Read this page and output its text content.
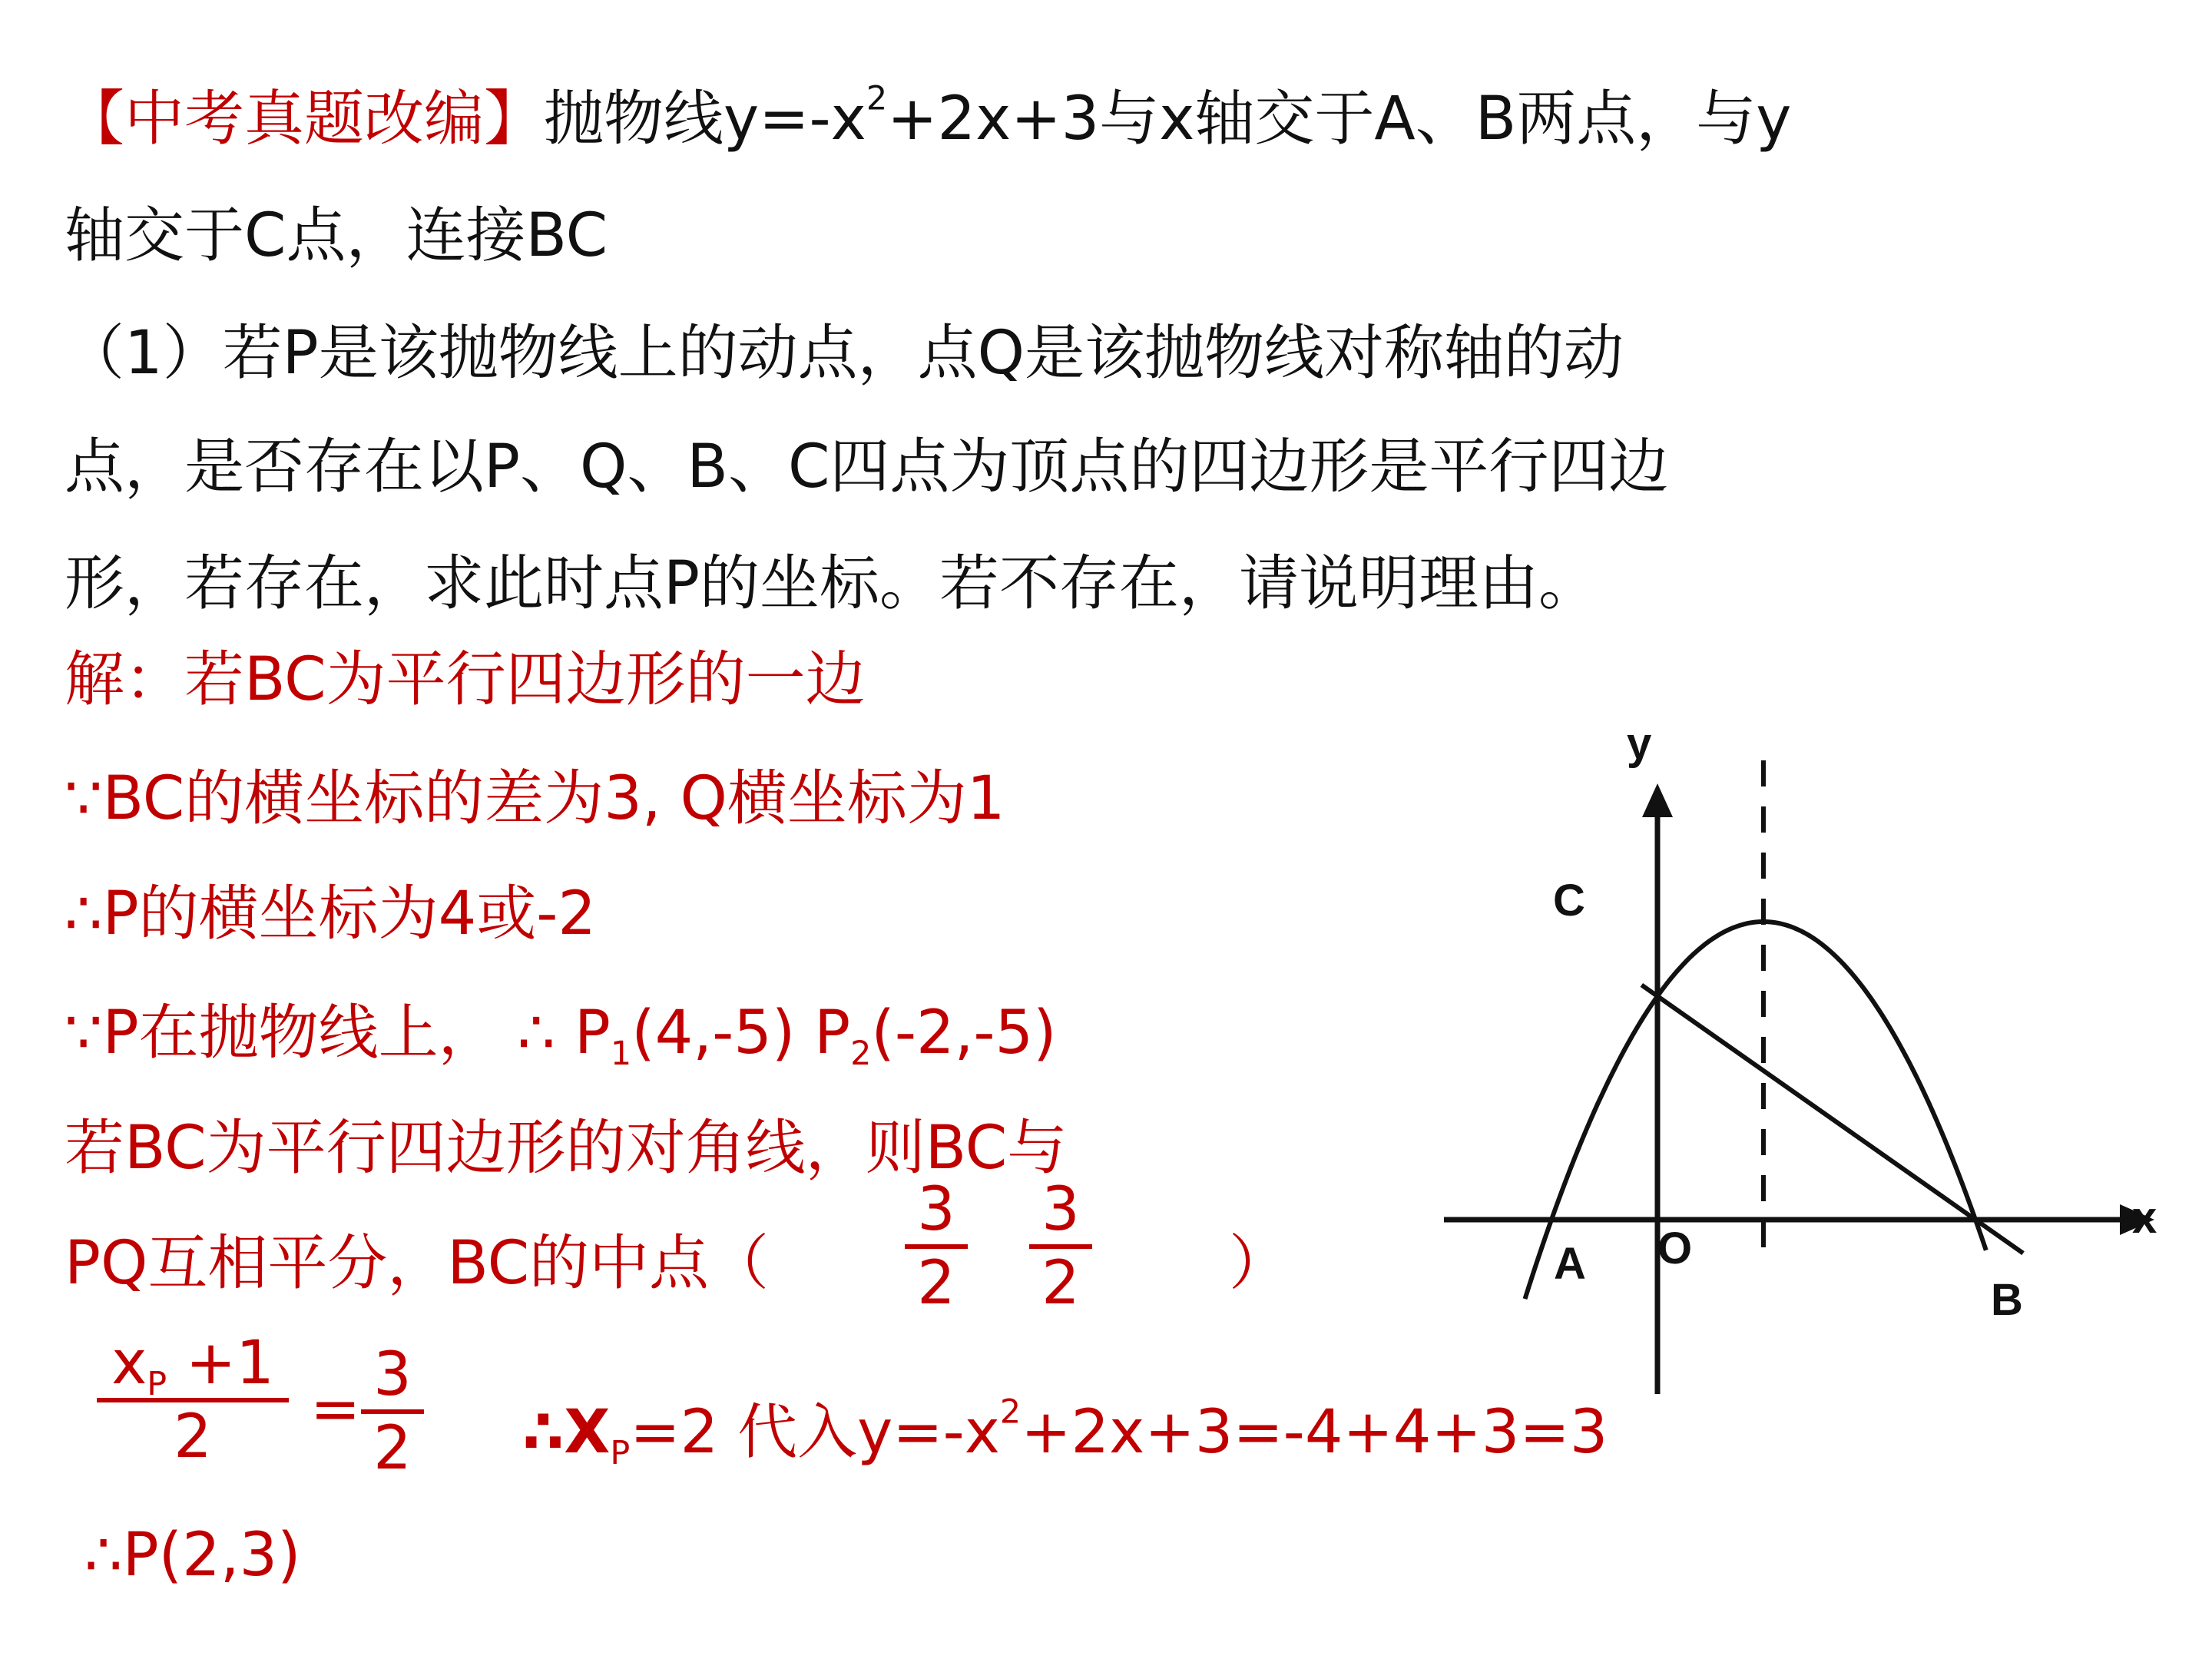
【中考真题改编】抛物线$y=-x^2+2x+3$与x轴交于A、B两点，与y
轴交于C点，连接BC
（1）若P是该抛物线上的动点，点Q是该抛物线对称轴的动
点，是否存在以P、Q、B、C四点为顶点的四边形是平行四边
形，若存在，求此时点P的坐标。若不存在，请说明理由。
解：若BC为平行四边形的一边
∵BC的横坐标的差为3, Q横坐标为1
∴P的横坐标为4或-2
∵P在抛物线上， ∴ $P_1(4,-5)$ $P_2(-2,-5)$
若BC为平行四边形的对角线，则BC与
PQ互相平分，BC的中点（
3
2
3
2 ）
$x_P +1$
2	= 3
2 $\therefore X_P=2$ 代入$y=-x^2+2x+3=-4+4+3=3$
∴P(2,3)
y
x
O
A
B
C
